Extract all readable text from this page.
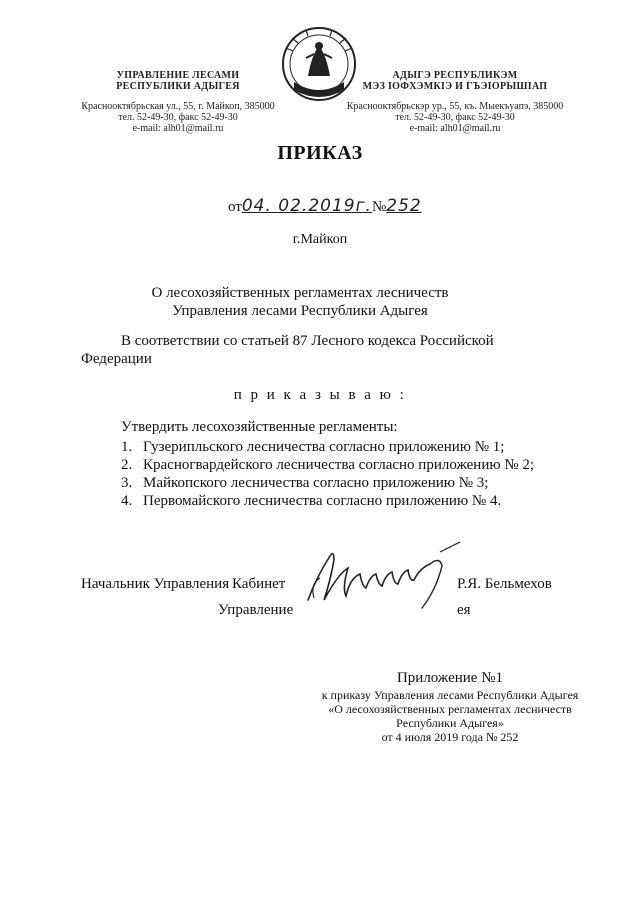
УПРАВЛЕНИЕ ЛЕСАМИ
РЕСПУБЛИКИ АДЫГЕЯ
Краснооктябрьская ул., 55, г. Майкоп, 385000
тел. 52-49-30, факс 52-49-30
e-mail: alh01@mail.ru
АДЫГЭ РЕСПУБЛИКЭМ
МЭЗ ІОФХЭМКІЭ И ГЪЭІОРЫШІАП
Краснооктябрьскэр ур., 55, къ. Мыекъуапэ, 385000
тел. 52-49-30, факс 52-49-30
e-mail: alh01@mail.ru
ПРИКАЗ
от04. 02.2019г.№252
г.Майкоп
О лесохозяйственных регламентах лесничеств
Управления лесами Республики Адыгея
В соответствии со статьей 87 Лесного кодекса Российской Федерации
п р и к а з ы в а ю :
Утвердить лесохозяйственные регламенты:
1. Гузерипльского лесничества согласно приложению № 1;
2. Красногвардейского лесничества согласно приложению № 2;
3. Майкопского лесничества согласно приложению № 3;
4. Первомайского лесничества согласно приложению № 4.
Начальник Управления Кабинет
Управление	ея
Р.Я. Бельмехов
Приложение №1
к приказу Управления лесами Республики Адыгея
«О лесохозяйственных регламентах лесничеств
Республики Адыгея»
от 4 июля 2019 года № 252
